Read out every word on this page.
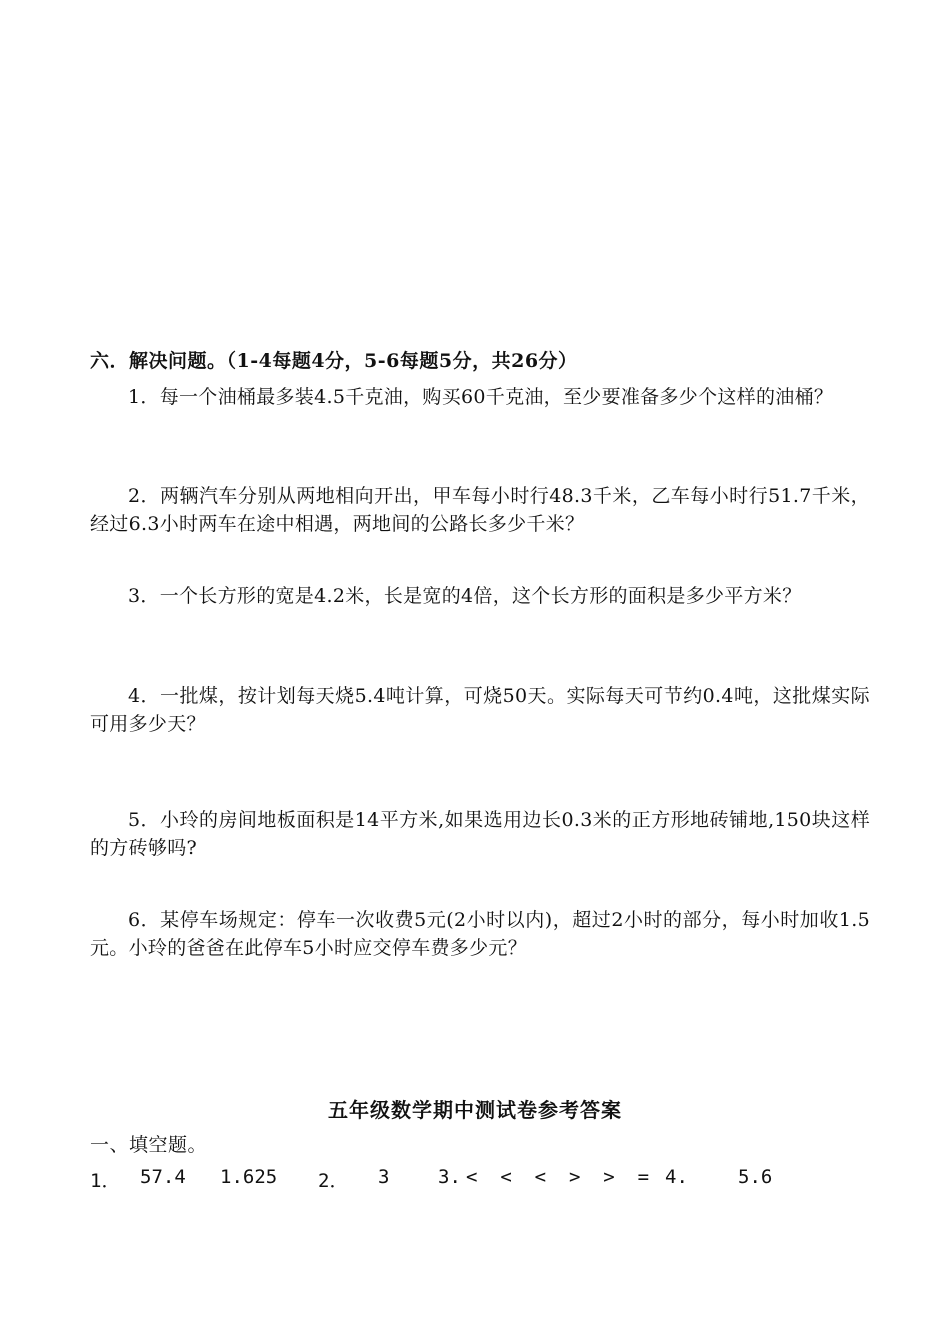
六．解决问题。（1-4每题4分，5-6每题5分，共26分）

1．每一个油桶最多装4.5千克油，购买60千克油，至少要准备多少个这样的油桶？

2．两辆汽车分别从两地相向开出，甲车每小时行48.3千米，乙车每小时行51.7千米，经过6.3小时两车在途中相遇，两地间的公路长多少千米？

3．一个长方形的宽是4.2米，长是宽的4倍，这个长方形的面积是多少平方米？

4．一批煤，按计划每天烧5.4吨计算，可烧50天。实际每天可节约0.4吨，这批煤实际可用多少天？

5．小玲的房间地板面积是14平方米,如果选用边长0.3米的正方形地砖铺地,150块这样的方砖够吗?

6．某停车场规定：停车一次收费5元(2小时以内)，超过2小时的部分，每小时加收1.5元。小玲的爸爸在此停车5小时应交停车费多少元？

五年级数学期中测试卷参考答案
一、填空题。
1． 57.4 1.625 2． 3	3. <  <  <  >  >  = 4.	5.6
